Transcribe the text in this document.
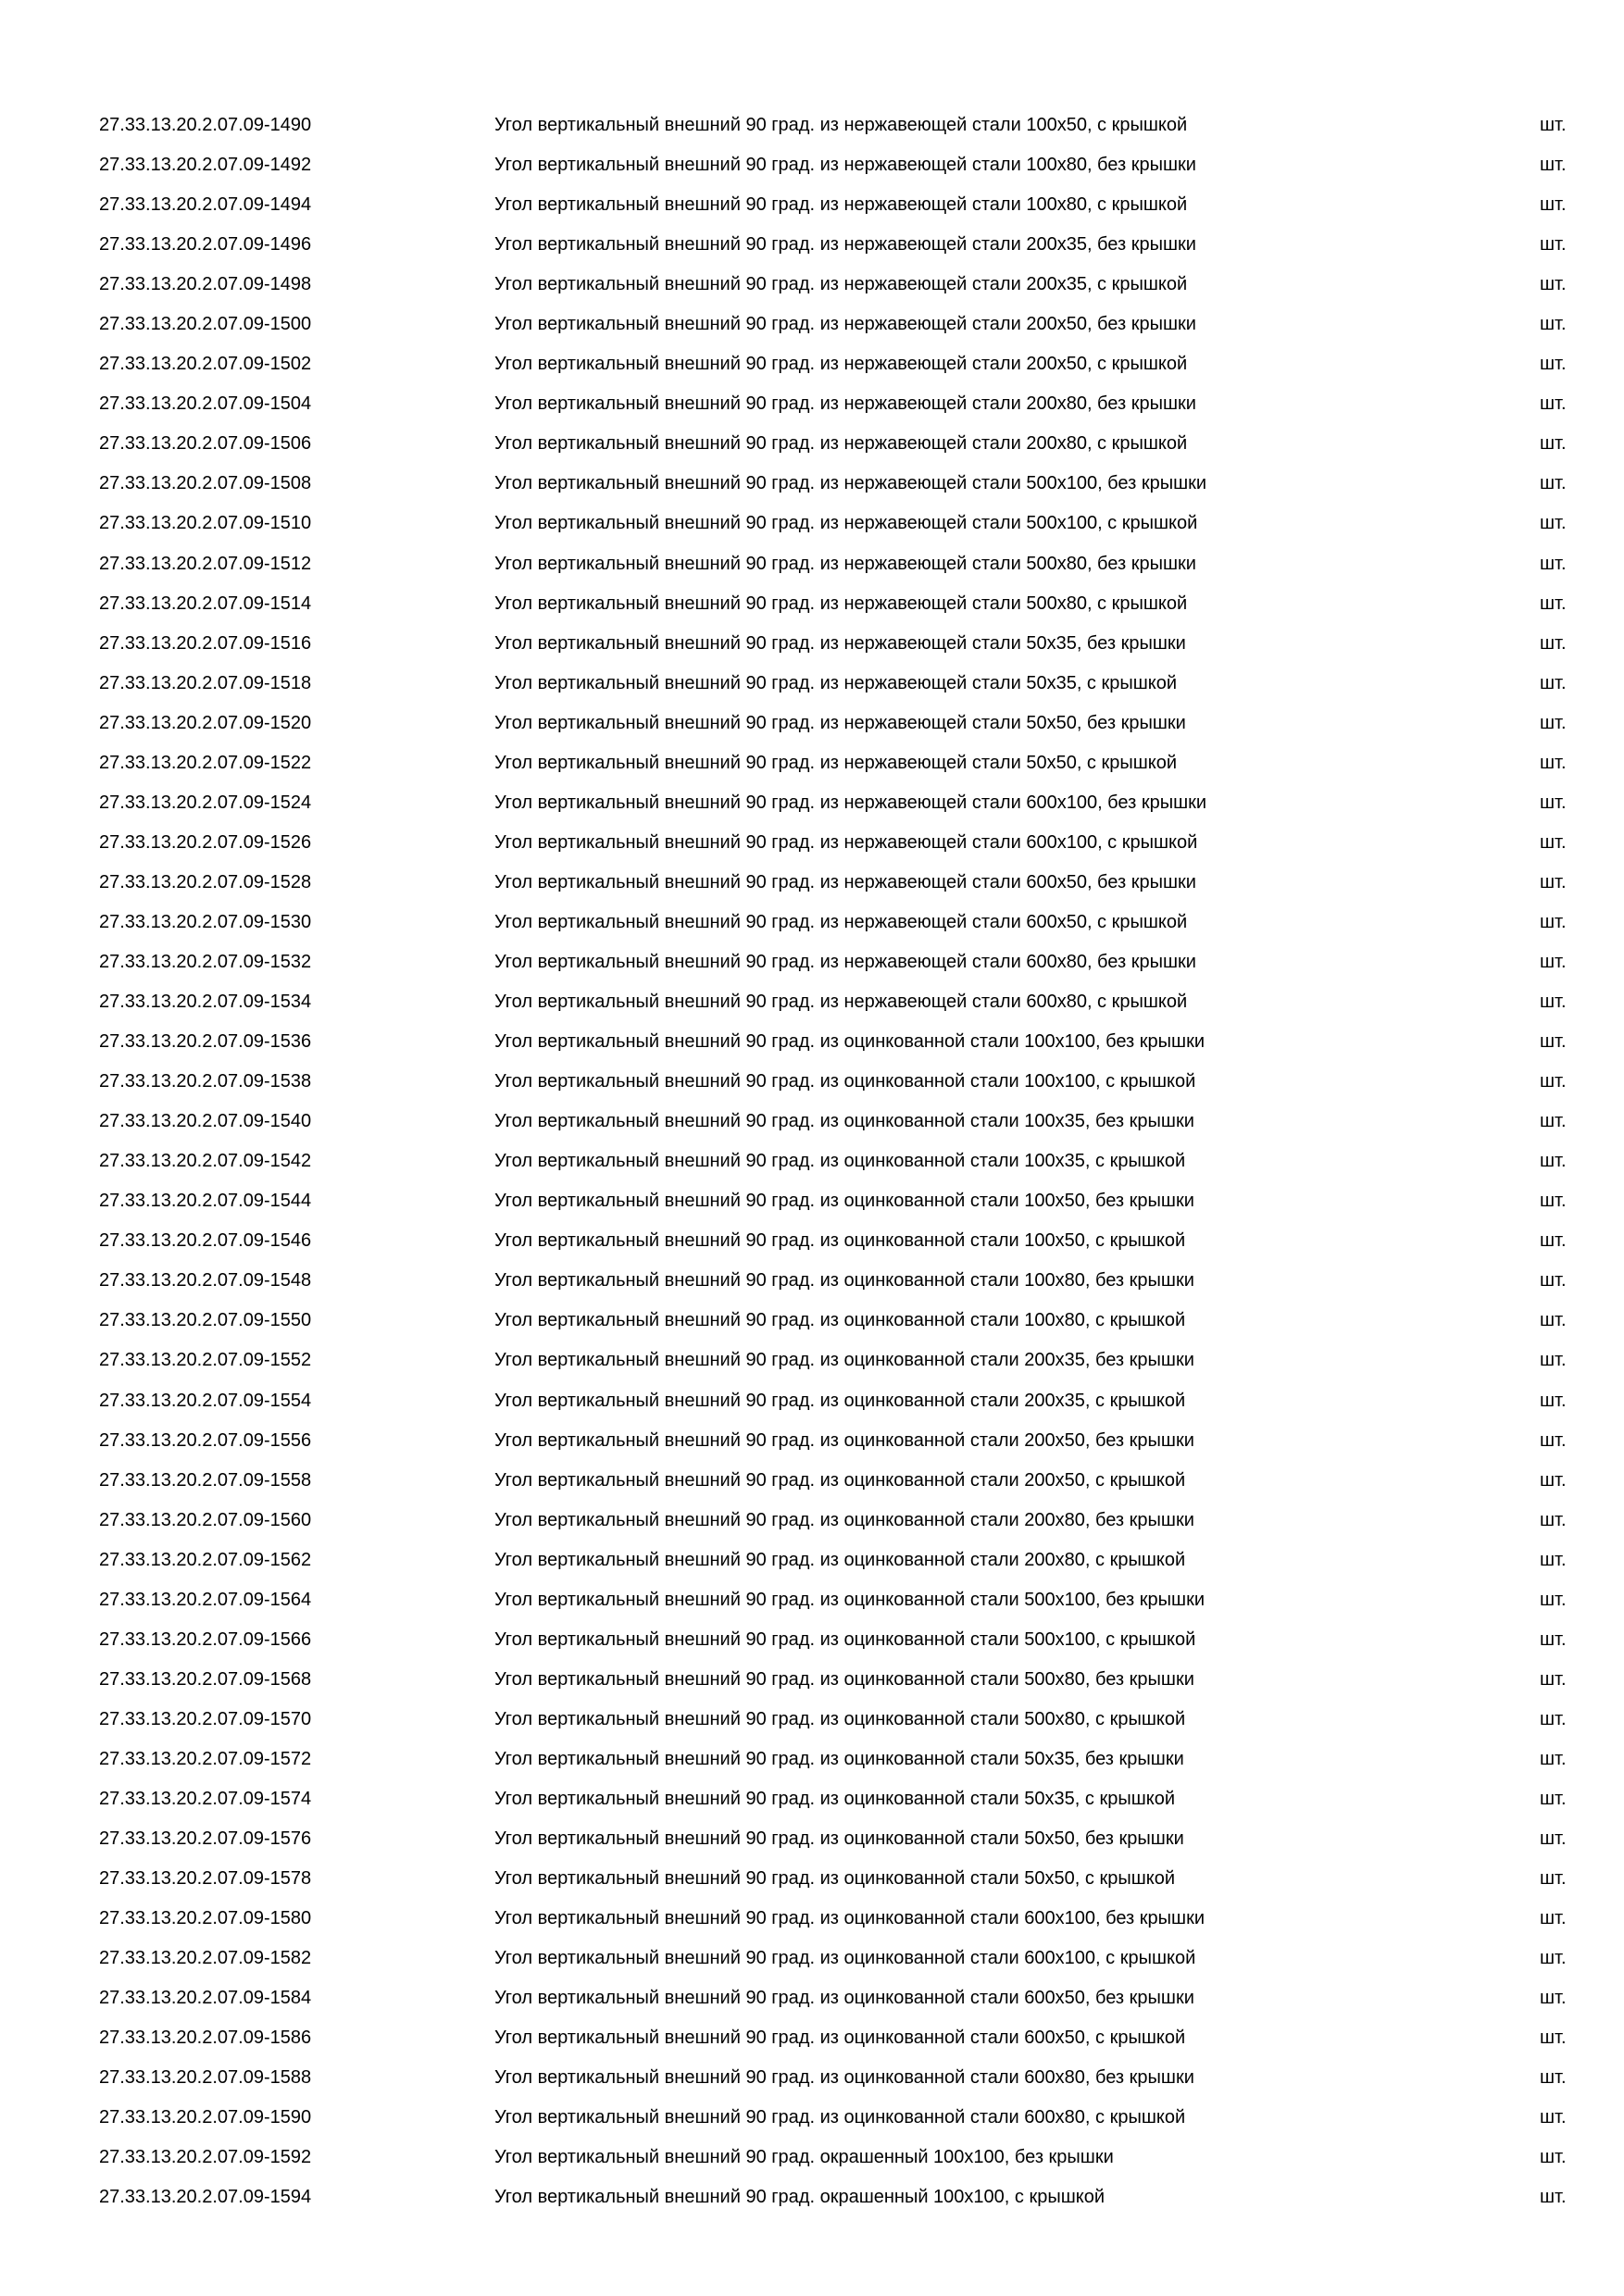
27.33.13.20.2.07.09-1490	Угол вертикальный внешний 90 град. из нержавеющей стали 100x50, с крышкой	шт.
27.33.13.20.2.07.09-1492	Угол вертикальный внешний 90 град. из нержавеющей стали 100x80, без крышки	шт.
27.33.13.20.2.07.09-1494	Угол вертикальный внешний 90 град. из нержавеющей стали 100x80, с крышкой	шт.
27.33.13.20.2.07.09-1496	Угол вертикальный внешний 90 град. из нержавеющей стали 200x35, без крышки	шт.
27.33.13.20.2.07.09-1498	Угол вертикальный внешний 90 град. из нержавеющей стали 200x35, с крышкой	шт.
27.33.13.20.2.07.09-1500	Угол вертикальный внешний 90 град. из нержавеющей стали 200x50, без крышки	шт.
27.33.13.20.2.07.09-1502	Угол вертикальный внешний 90 град. из нержавеющей стали 200x50, с крышкой	шт.
27.33.13.20.2.07.09-1504	Угол вертикальный внешний 90 град. из нержавеющей стали 200x80, без крышки	шт.
27.33.13.20.2.07.09-1506	Угол вертикальный внешний 90 град. из нержавеющей стали 200x80, с крышкой	шт.
27.33.13.20.2.07.09-1508	Угол вертикальный внешний 90 град. из нержавеющей стали 500x100, без крышки	шт.
27.33.13.20.2.07.09-1510	Угол вертикальный внешний 90 град. из нержавеющей стали 500x100, с крышкой	шт.
27.33.13.20.2.07.09-1512	Угол вертикальный внешний 90 град. из нержавеющей стали 500x80, без крышки	шт.
27.33.13.20.2.07.09-1514	Угол вертикальный внешний 90 град. из нержавеющей стали 500x80, с крышкой	шт.
27.33.13.20.2.07.09-1516	Угол вертикальный внешний 90 град. из нержавеющей стали 50x35, без крышки	шт.
27.33.13.20.2.07.09-1518	Угол вертикальный внешний 90 град. из нержавеющей стали 50x35, с крышкой	шт.
27.33.13.20.2.07.09-1520	Угол вертикальный внешний 90 град. из нержавеющей стали 50x50, без крышки	шт.
27.33.13.20.2.07.09-1522	Угол вертикальный внешний 90 град. из нержавеющей стали 50x50, с крышкой	шт.
27.33.13.20.2.07.09-1524	Угол вертикальный внешний 90 град. из нержавеющей стали 600x100, без крышки	шт.
27.33.13.20.2.07.09-1526	Угол вертикальный внешний 90 град. из нержавеющей стали 600x100, с крышкой	шт.
27.33.13.20.2.07.09-1528	Угол вертикальный внешний 90 град. из нержавеющей стали 600x50, без крышки	шт.
27.33.13.20.2.07.09-1530	Угол вертикальный внешний 90 град. из нержавеющей стали 600x50, с крышкой	шт.
27.33.13.20.2.07.09-1532	Угол вертикальный внешний 90 град. из нержавеющей стали 600x80, без крышки	шт.
27.33.13.20.2.07.09-1534	Угол вертикальный внешний 90 град. из нержавеющей стали 600x80, с крышкой	шт.
27.33.13.20.2.07.09-1536	Угол вертикальный внешний 90 град. из оцинкованной стали 100x100, без крышки	шт.
27.33.13.20.2.07.09-1538	Угол вертикальный внешний 90 град. из оцинкованной стали 100x100, с крышкой	шт.
27.33.13.20.2.07.09-1540	Угол вертикальный внешний 90 град. из оцинкованной стали 100x35, без крышки	шт.
27.33.13.20.2.07.09-1542	Угол вертикальный внешний 90 град. из оцинкованной стали 100x35, с крышкой	шт.
27.33.13.20.2.07.09-1544	Угол вертикальный внешний 90 град. из оцинкованной стали 100x50, без крышки	шт.
27.33.13.20.2.07.09-1546	Угол вертикальный внешний 90 град. из оцинкованной стали 100x50, с крышкой	шт.
27.33.13.20.2.07.09-1548	Угол вертикальный внешний 90 град. из оцинкованной стали 100x80, без крышки	шт.
27.33.13.20.2.07.09-1550	Угол вертикальный внешний 90 град. из оцинкованной стали 100x80, с крышкой	шт.
27.33.13.20.2.07.09-1552	Угол вертикальный внешний 90 град. из оцинкованной стали 200x35, без крышки	шт.
27.33.13.20.2.07.09-1554	Угол вертикальный внешний 90 град. из оцинкованной стали 200x35, с крышкой	шт.
27.33.13.20.2.07.09-1556	Угол вертикальный внешний 90 град. из оцинкованной стали 200x50, без крышки	шт.
27.33.13.20.2.07.09-1558	Угол вертикальный внешний 90 град. из оцинкованной стали 200x50, с крышкой	шт.
27.33.13.20.2.07.09-1560	Угол вертикальный внешний 90 град. из оцинкованной стали 200x80, без крышки	шт.
27.33.13.20.2.07.09-1562	Угол вертикальный внешний 90 град. из оцинкованной стали 200x80, с крышкой	шт.
27.33.13.20.2.07.09-1564	Угол вертикальный внешний 90 град. из оцинкованной стали 500x100, без крышки	шт.
27.33.13.20.2.07.09-1566	Угол вертикальный внешний 90 град. из оцинкованной стали 500x100, с крышкой	шт.
27.33.13.20.2.07.09-1568	Угол вертикальный внешний 90 град. из оцинкованной стали 500x80, без крышки	шт.
27.33.13.20.2.07.09-1570	Угол вертикальный внешний 90 град. из оцинкованной стали 500x80, с крышкой	шт.
27.33.13.20.2.07.09-1572	Угол вертикальный внешний 90 град. из оцинкованной стали 50x35, без крышки	шт.
27.33.13.20.2.07.09-1574	Угол вертикальный внешний 90 град. из оцинкованной стали 50x35, с крышкой	шт.
27.33.13.20.2.07.09-1576	Угол вертикальный внешний 90 град. из оцинкованной стали 50x50, без крышки	шт.
27.33.13.20.2.07.09-1578	Угол вертикальный внешний 90 град. из оцинкованной стали 50x50, с крышкой	шт.
27.33.13.20.2.07.09-1580	Угол вертикальный внешний 90 град. из оцинкованной стали 600x100, без крышки	шт.
27.33.13.20.2.07.09-1582	Угол вертикальный внешний 90 град. из оцинкованной стали 600x100, с крышкой	шт.
27.33.13.20.2.07.09-1584	Угол вертикальный внешний 90 град. из оцинкованной стали 600x50, без крышки	шт.
27.33.13.20.2.07.09-1586	Угол вертикальный внешний 90 град. из оцинкованной стали 600x50, с крышкой	шт.
27.33.13.20.2.07.09-1588	Угол вертикальный внешний 90 град. из оцинкованной стали 600x80, без крышки	шт.
27.33.13.20.2.07.09-1590	Угол вертикальный внешний 90 град. из оцинкованной стали 600x80, с крышкой	шт.
27.33.13.20.2.07.09-1592	Угол вертикальный внешний 90 град. окрашенный 100x100, без крышки	шт.
27.33.13.20.2.07.09-1594	Угол вертикальный внешний 90 град. окрашенный 100x100, с крышкой	шт.
